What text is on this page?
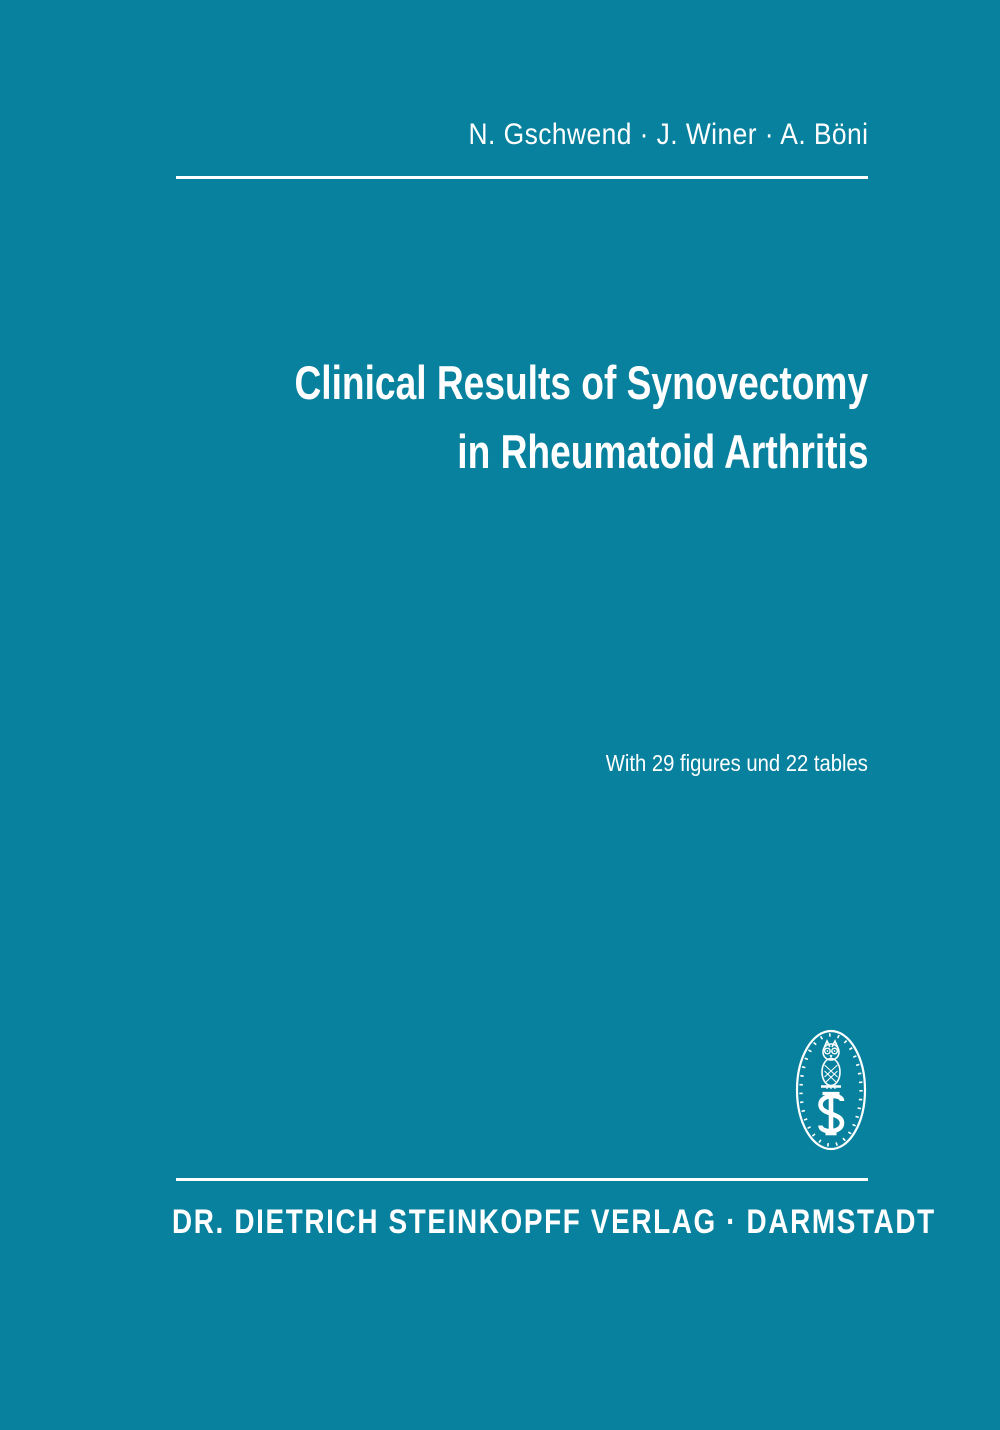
N. Gschwend · J. Winer · A. Böni
Clinical Results of Synovectomy
in Rheumatoid Arthritis
With 29 figures und 22 tables
DR. DIETRICH STEINKOPFF VERLAG · DARMSTADT
